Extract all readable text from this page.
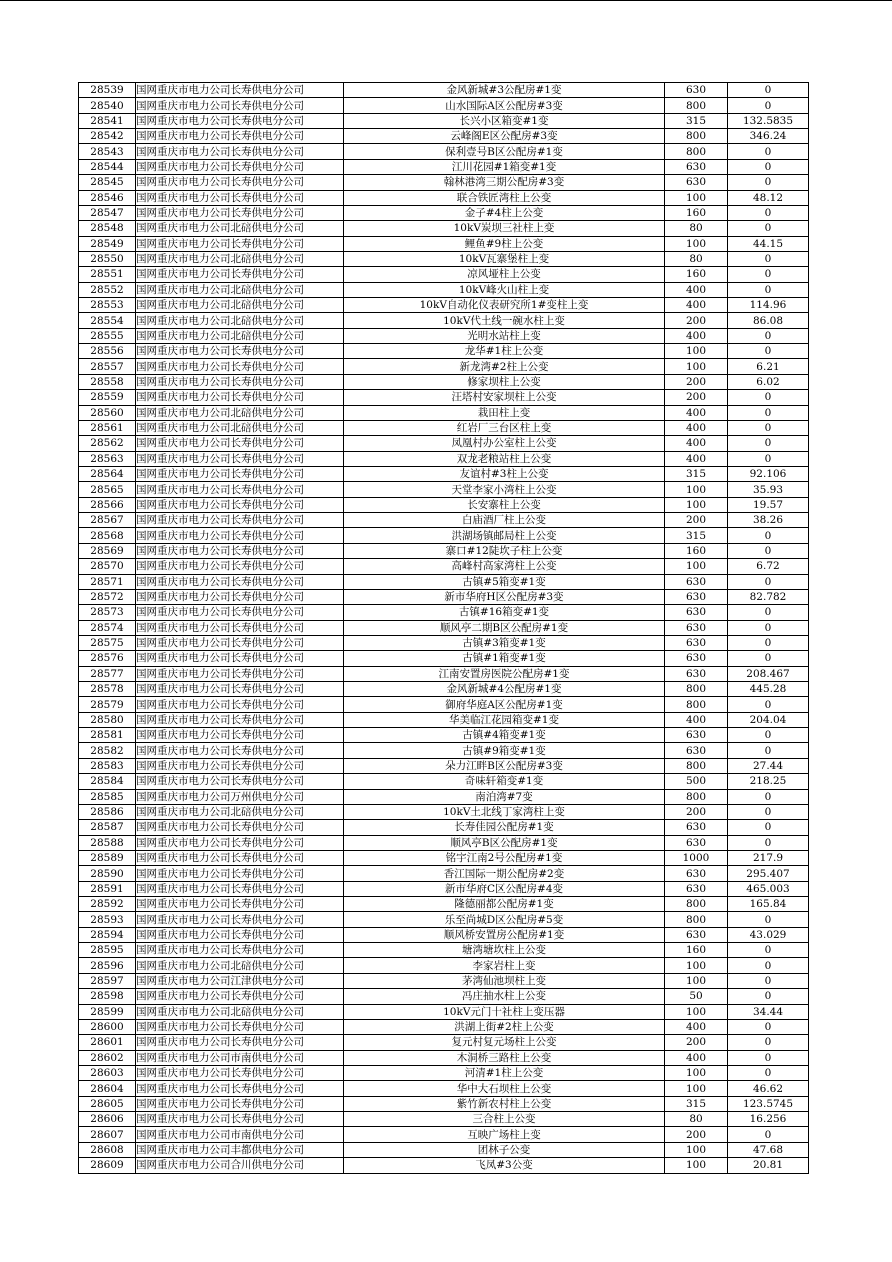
28539	国网重庆市电力公司长寿供电分公司	金风新城#3公配房#1变	630	0
28540	国网重庆市电力公司长寿供电分公司	山水国际A区公配房#3变	800	0
28541	国网重庆市电力公司长寿供电分公司	长兴小区箱变#1变	315	132.5835
28542	国网重庆市电力公司长寿供电分公司	云峰阁E区公配房#3变	800	346.24
28543	国网重庆市电力公司长寿供电分公司	保利壹号B区公配房#1变	800	0
28544	国网重庆市电力公司长寿供电分公司	江川花园#1箱变#1变	630	0
28545	国网重庆市电力公司长寿供电分公司	翰林港湾三期公配房#3变	630	0
28546	国网重庆市电力公司长寿供电分公司	联合铁匠湾柱上公变	100	48.12
28547	国网重庆市电力公司长寿供电分公司	金子#4柱上公变	160	0
28548	国网重庆市电力公司北碚供电分公司	10kV炭坝三社柱上变	80	0
28549	国网重庆市电力公司长寿供电分公司	鲤鱼#9柱上公变	100	44.15
28550	国网重庆市电力公司北碚供电分公司	10kV瓦寨堡柱上变	80	0
28551	国网重庆市电力公司长寿供电分公司	凉风垭柱上公变	160	0
28552	国网重庆市电力公司北碚供电分公司	10kV峰火山柱上变	400	0
28553	国网重庆市电力公司北碚供电分公司	10kV自动化仪表研究所1#变柱上变	400	114.96
28554	国网重庆市电力公司北碚供电分公司	10kV代土线一碗水柱上变	200	86.08
28555	国网重庆市电力公司北碚供电分公司	光明水站柱上变	400	0
28556	国网重庆市电力公司长寿供电分公司	龙华#1柱上公变	100	0
28557	国网重庆市电力公司长寿供电分公司	新龙湾#2柱上公变	100	6.21
28558	国网重庆市电力公司长寿供电分公司	修家坝柱上公变	200	6.02
28559	国网重庆市电力公司长寿供电分公司	汪塔村安家坝柱上公变	200	0
28560	国网重庆市电力公司北碚供电分公司	栽田柱上变	400	0
28561	国网重庆市电力公司北碚供电分公司	红岩厂三台区柱上变	400	0
28562	国网重庆市电力公司长寿供电分公司	凤凰村办公室柱上公变	400	0
28563	国网重庆市电力公司长寿供电分公司	双龙老粮站柱上公变	400	0
28564	国网重庆市电力公司长寿供电分公司	友谊村#3柱上公变	315	92.106
28565	国网重庆市电力公司长寿供电分公司	天堂李家小湾柱上公变	100	35.93
28566	国网重庆市电力公司长寿供电分公司	长安寨柱上公变	100	19.57
28567	国网重庆市电力公司长寿供电分公司	白庙酒厂柱上公变	200	38.26
28568	国网重庆市电力公司长寿供电分公司	洪湖场镇邮局柱上公变	315	0
28569	国网重庆市电力公司长寿供电分公司	寨口#12陡坎子柱上公变	160	0
28570	国网重庆市电力公司长寿供电分公司	高峰村高家湾柱上公变	100	6.72
28571	国网重庆市电力公司长寿供电分公司	古镇#5箱变#1变	630	0
28572	国网重庆市电力公司长寿供电分公司	新市华府H区公配房#3变	630	82.782
28573	国网重庆市电力公司长寿供电分公司	古镇#16箱变#1变	630	0
28574	国网重庆市电力公司长寿供电分公司	顺风亭二期B区公配房#1变	630	0
28575	国网重庆市电力公司长寿供电分公司	古镇#3箱变#1变	630	0
28576	国网重庆市电力公司长寿供电分公司	古镇#1箱变#1变	630	0
28577	国网重庆市电力公司长寿供电分公司	江南安置房医院公配房#1变	630	208.467
28578	国网重庆市电力公司长寿供电分公司	金风新城#4公配房#1变	800	445.28
28579	国网重庆市电力公司长寿供电分公司	御府华庭A区公配房#1变	800	0
28580	国网重庆市电力公司长寿供电分公司	华美临江花园箱变#1变	400	204.04
28581	国网重庆市电力公司长寿供电分公司	古镇#4箱变#1变	630	0
28582	国网重庆市电力公司长寿供电分公司	古镇#9箱变#1变	630	0
28583	国网重庆市电力公司长寿供电分公司	朵力江畔B区公配房#3变	800	27.44
28584	国网重庆市电力公司长寿供电分公司	奇味轩箱变#1变	500	218.25
28585	国网重庆市电力公司万州供电分公司	南泊湾#7变	800	0
28586	国网重庆市电力公司北碚供电分公司	10kV土北线丁家湾柱上变	200	0
28587	国网重庆市电力公司长寿供电分公司	长寿佳园公配房#1变	630	0
28588	国网重庆市电力公司长寿供电分公司	顺风亭B区公配房#1变	630	0
28589	国网重庆市电力公司长寿供电分公司	铭宇江南2号公配房#1变	1000	217.9
28590	国网重庆市电力公司长寿供电分公司	香江国际一期公配房#2变	630	295.407
28591	国网重庆市电力公司长寿供电分公司	新市华府C区公配房#4变	630	465.003
28592	国网重庆市电力公司长寿供电分公司	隆德丽都公配房#1变	800	165.84
28593	国网重庆市电力公司长寿供电分公司	乐至尚城D区公配房#5变	800	0
28594	国网重庆市电力公司长寿供电分公司	顺风桥安置房公配房#1变	630	43.029
28595	国网重庆市电力公司长寿供电分公司	塘湾塘坎柱上公变	160	0
28596	国网重庆市电力公司北碚供电分公司	李家岩柱上变	100	0
28597	国网重庆市电力公司江津供电分公司	茅湾仙池坝柱上变	100	0
28598	国网重庆市电力公司长寿供电分公司	冯庄抽水柱上公变	50	0
28599	国网重庆市电力公司北碚供电分公司	10kV元门十社柱上变压器	100	34.44
28600	国网重庆市电力公司长寿供电分公司	洪湖上街#2柱上公变	400	0
28601	国网重庆市电力公司长寿供电分公司	复元村复元场柱上公变	200	0
28602	国网重庆市电力公司市南供电分公司	木洞桥三路柱上公变	400	0
28603	国网重庆市电力公司长寿供电分公司	河清#1柱上公变	100	0
28604	国网重庆市电力公司长寿供电分公司	华中大石坝柱上公变	100	46.62
28605	国网重庆市电力公司长寿供电分公司	紫竹新农村柱上公变	315	123.5745
28606	国网重庆市电力公司长寿供电分公司	三合柱上公变	80	16.256
28607	国网重庆市电力公司市南供电分公司	互映广场柱上变	200	0
28608	国网重庆市电力公司丰都供电分公司	团林子公变	100	47.68
28609	国网重庆市电力公司合川供电分公司	飞凤#3公变	100	20.81
